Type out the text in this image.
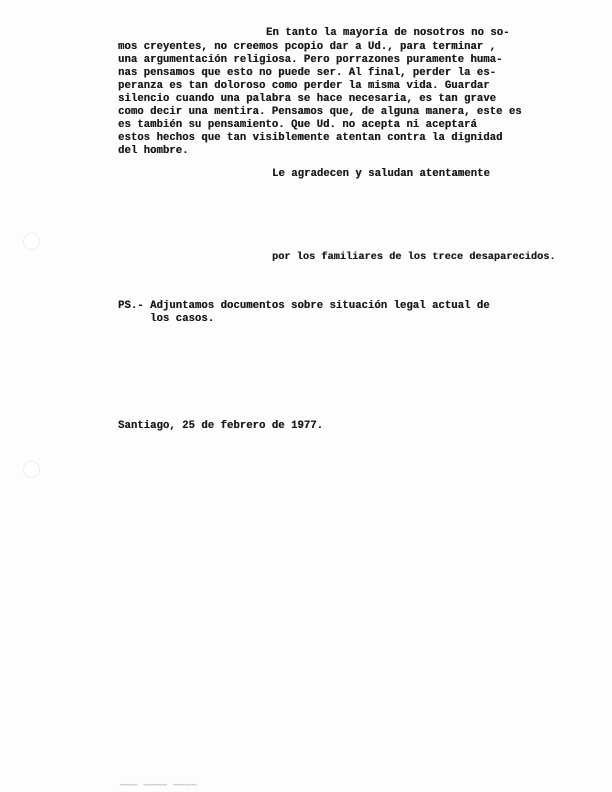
En tanto la mayoría de nosotros no so-
mos creyentes, no creemos pcopio dar a Ud., para terminar ,
una argumentación religiosa. Pero porrazones puramente huma-
nas pensamos que esto no puede ser. Al final, perder la es-
peranza es tan doloroso como perder la misma vida. Guardar
silencio cuando una palabra se hace necesaria, es tan grave
como decir una mentira. Pensamos que, de alguna manera, este es
es también su pensamiento. Que Ud. no acepta ni aceptará
estos hechos que tan visiblemente atentan contra la dignidad
del hombre.
Le agradecen y saludan atentamente
por los familiares de los trece desaparecidos.
PS.- Adjuntamos documentos sobre situación legal actual de
los casos.
Santiago, 25 de febrero de 1977.
▁▁▁ ▁▁▁▁ ▁▁▁▁
